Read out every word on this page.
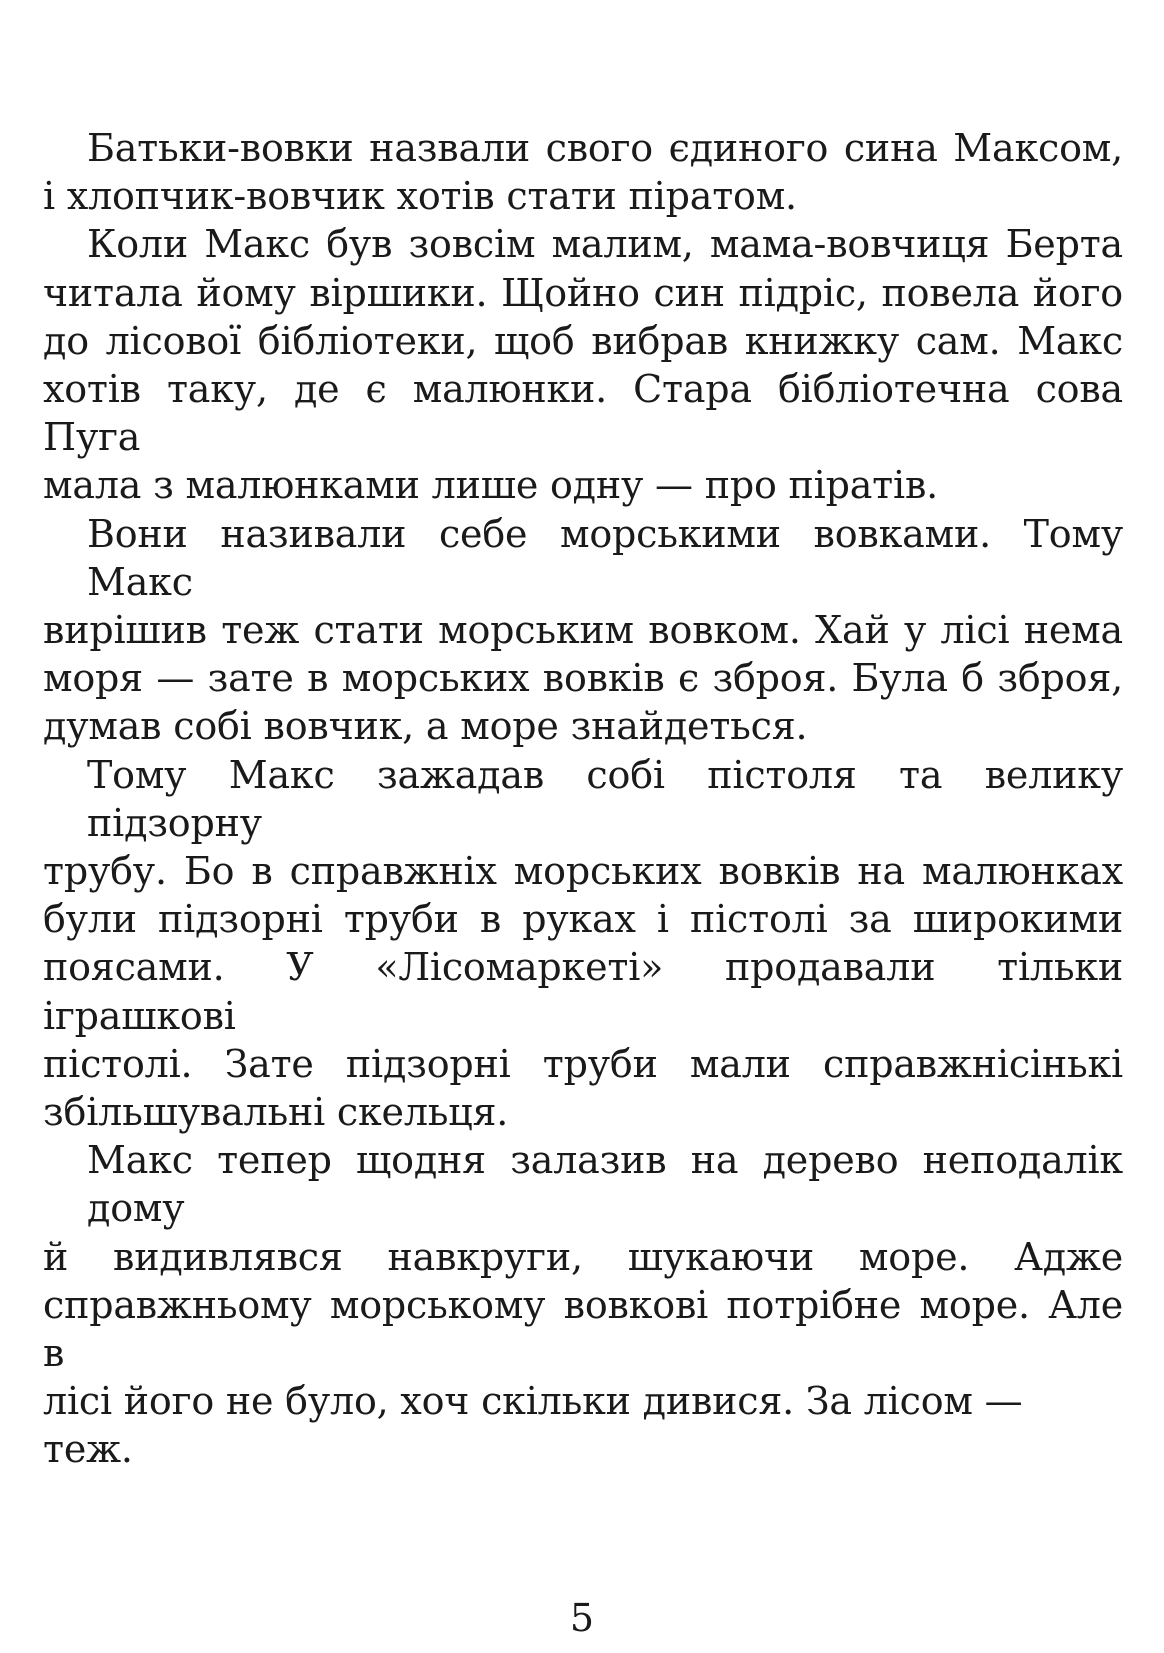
Батьки-вовки назвали свого єдиного сина Максом,
і хлопчик-вовчик хотів стати піратом.

Коли Макс був зовсім малим, мама-вовчиця Берта
читала йому віршики. Щойно син підріс, повела його
до лісової бібліотеки, щоб вибрав книжку сам. Макс
хотів таку, де є малюнки. Стара бібліотечна сова Пуга
мала з малюнками лише одну — про піратів.

Вони називали себе морськими вовками. Тому Макс
вирішив теж стати морським вовком. Хай у лісі нема
моря — зате в морських вовків є зброя. Була б зброя,
думав собі вовчик, а море знайдеться.

Тому Макс зажадав собі пістоля та велику підзорну
трубу. Бо в справжніх морських вовків на малюнках
були підзорні труби в руках і пістолі за широкими
поясами. У «Лісомаркеті» продавали тільки іграшкові
пістолі. Зате підзорні труби мали справжнісінькі
збільшувальні скельця.

Макс тепер щодня залазив на дерево неподалік дому
й видивлявся навкруги, шукаючи море. Адже
справжньому морському вовкові потрібне море. Але в
лісі його не було, хоч скільки дивися. За лісом — теж.

5
